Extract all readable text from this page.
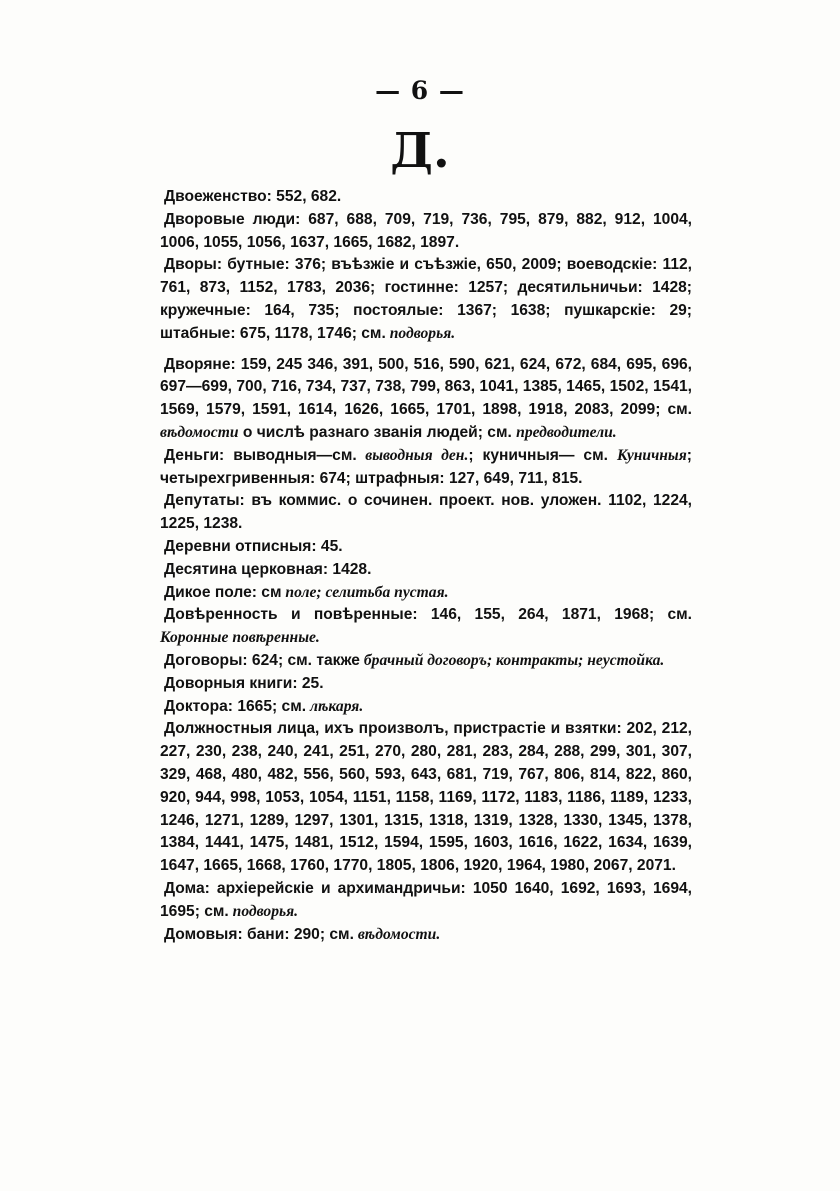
— 6 —
Д.

Двоеженство: 552, 682.

Дворовые люди: 687, 688, 709, 719, 736, 795, 879, 882, 912, 1004, 1006, 1055, 1056, 1637, 1665, 1682, 1897.

Дворы: бутные: 376; въѣзжіе и съѣзжіе, 650, 2009; воеводскіе: 112, 761, 873, 1152, 1783, 2036; гостинне: 1257; десятильничьи: 1428; кружечные: 164, 735; постоялые: 1367; 1638; пушкарскіе: 29; штабные: 675, 1178, 1746; см. подворья.

Дворяне: 159, 245 346, 391, 500, 516, 590, 621, 624, 672, 684, 695, 696, 697—699, 700, 716, 734, 737, 738, 799, 863, 1041, 1385, 1465, 1502, 1541, 1569, 1579, 1591, 1614, 1626, 1665, 1701, 1898, 1918, 2083, 2099; см. вѣдомости о числѣ разнаго званія людей; см. предводители.

Деньги: выводныя—см. выводныя ден.; куничныя— см. Куничныя; четырехгривенныя: 674; штрафныя: 127, 649, 711, 815.

Депутаты: въ коммис. о сочинен. проект. нов. уложен. 1102, 1224, 1225, 1238.

Деревни отписныя: 45.

Десятина церковная: 1428.

Дикое поле: см поле; селитьба пустая.

Довѣренность и повѣренные: 146, 155, 264, 1871, 1968; см. Коронные повѣренные.

Договоры: 624; см. также брачный договоръ; контракты; неустойка.

Доворныя книги: 25.

Доктора: 1665; см. лѣкаря.

Должностныя лица, ихъ произволъ, пристрастіе и взятки: 202, 212, 227, 230, 238, 240, 241, 251, 270, 280, 281, 283, 284, 288, 299, 301, 307, 329, 468, 480, 482, 556, 560, 593, 643, 681, 719, 767, 806, 814, 822, 860, 920, 944, 998, 1053, 1054, 1151, 1158, 1169, 1172, 1183, 1186, 1189, 1233, 1246, 1271, 1289, 1297, 1301, 1315, 1318, 1319, 1328, 1330, 1345, 1378, 1384, 1441, 1475, 1481, 1512, 1594, 1595, 1603, 1616, 1622, 1634, 1639, 1647, 1665, 1668, 1760, 1770, 1805, 1806, 1920, 1964, 1980, 2067, 2071.

Дома: архіерейскіе и архимандричьи: 1050 1640, 1692, 1693, 1694, 1695; см. подворья.

Домовыя: бани: 290; см. вѣдомости.
